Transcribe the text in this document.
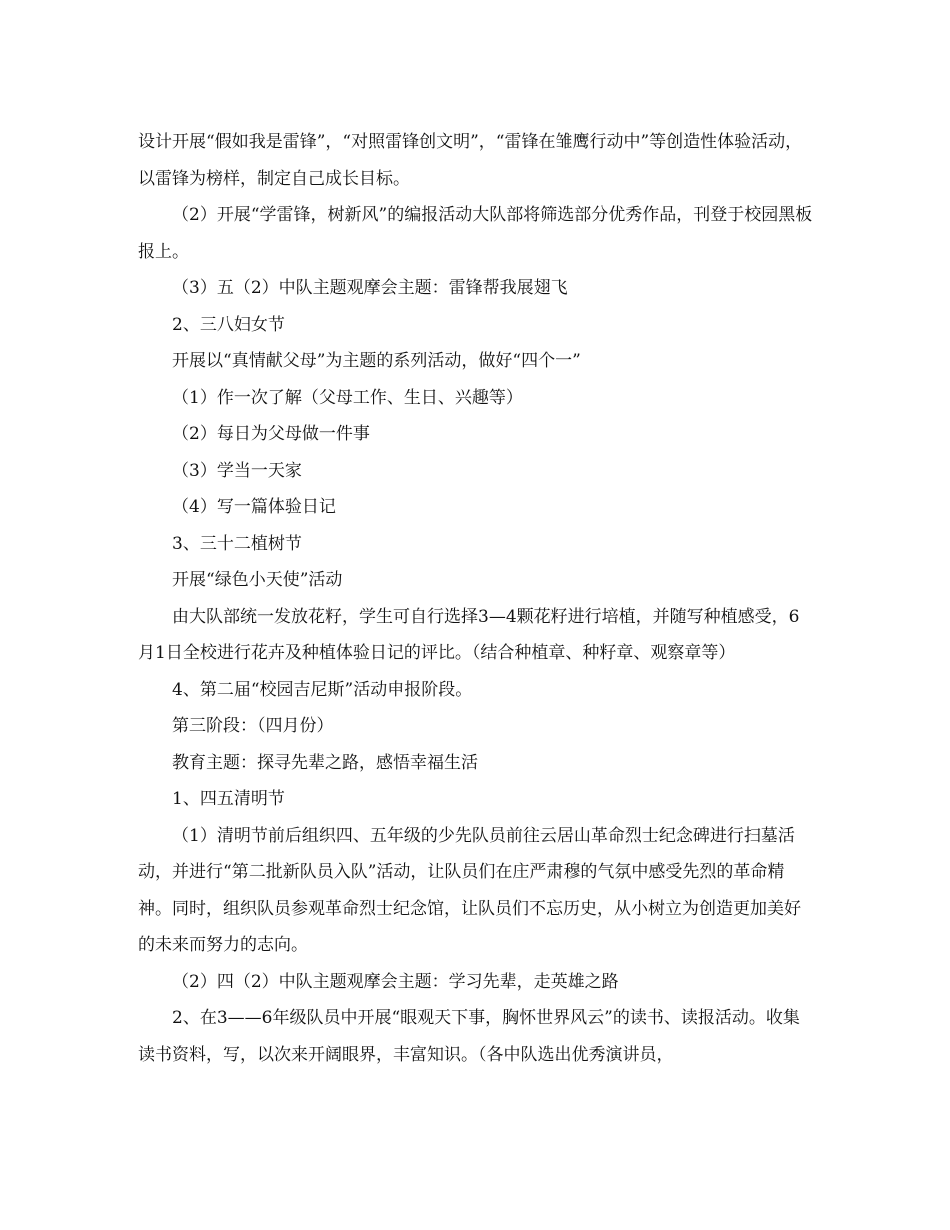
设计开展“假如我是雷锋”，“对照雷锋创文明”，“雷锋在雏鹰行动中”等创造性体验活动，以雷锋为榜样，制定自己成长目标。

（2）开展“学雷锋，树新风”的编报活动大队部将筛选部分优秀作品，刊登于校园黑板报上。

（3）五（2）中队主题观摩会主题：雷锋帮我展翅飞

2、三八妇女节

开展以“真情献父母”为主题的系列活动，做好“四个一”

（1）作一次了解（父母工作、生日、兴趣等）

（2）每日为父母做一件事

（3）学当一天家

（4）写一篇体验日记

3、三十二植树节

开展“绿色小天使”活动

由大队部统一发放花籽，学生可自行选择3—4颗花籽进行培植，并随写种植感受，6月1日全校进行花卉及种植体验日记的评比。（结合种植章、种籽章、观察章等）

4、第二届“校园吉尼斯”活动申报阶段。

第三阶段：（四月份）

教育主题：探寻先辈之路，感悟幸福生活

1、四五清明节

（1）清明节前后组织四、五年级的少先队员前往云居山革命烈士纪念碑进行扫墓活动，并进行“第二批新队员入队”活动，让队员们在庄严肃穆的气氛中感受先烈的革命精神。同时，组织队员参观革命烈士纪念馆，让队员们不忘历史，从小树立为创造更加美好的未来而努力的志向。

（2）四（2）中队主题观摩会主题：学习先辈，走英雄之路

2、在3——6年级队员中开展“眼观天下事，胸怀世界风云”的读书、读报活动。收集读书资料，写，以次来开阔眼界，丰富知识。（各中队选出优秀演讲员，
